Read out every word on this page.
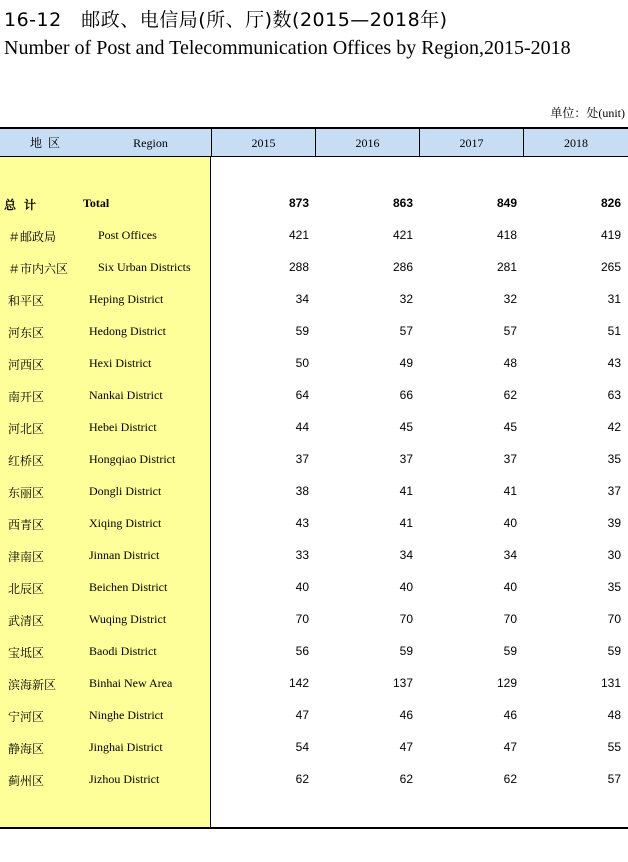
16-12　邮政、电信局(所、厅)数(2015—2018年)
Number of Post and Telecommunication Offices by Region,2015-2018
单位：处(unit)
地区	Region	2015	2016	2017	2018
总计	Total	873	863	849	826
＃邮政局	Post Offices	421	421	418	419
＃市内六区 Six Urban Districts	288	286	281	265
和平区	Heping District	34	32	32	31
河东区	Hedong District	59	57	57	51
河西区	Hexi District	50	49	48	43
南开区	Nankai District	64	66	62	63
河北区	Hebei District	44	45	45	42
红桥区	Hongqiao District	37	37	37	35
东丽区	Dongli District	38	41	41	37
西青区	Xiqing District	43	41	40	39
津南区	Jinnan District	33	34	34	30
北辰区	Beichen District	40	40	40	35
武清区	Wuqing District	70	70	70	70
宝坻区	Baodi District	56	59	59	59
滨海新区	Binhai New Area	142	137	129	131
宁河区	Ninghe District	47	46	46	48
静海区	Jinghai District	54	47	47	55
蓟州区	Jizhou District	62	62	62	57
